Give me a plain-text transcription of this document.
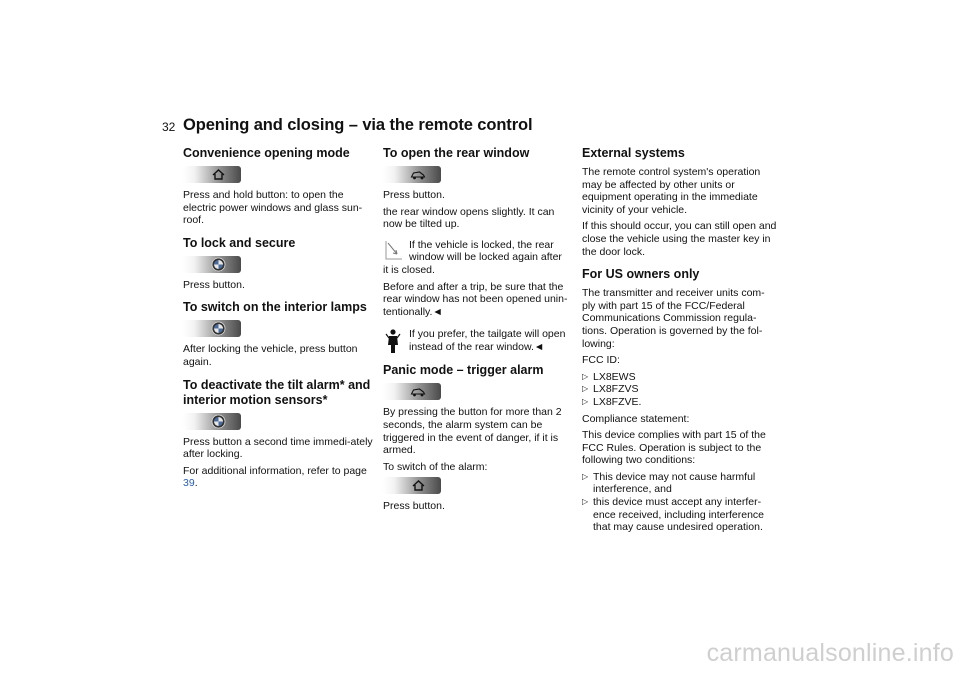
32 Opening and closing – via the remote control
Convenience opening mode

Press and hold button: to open the electric power windows and glass sun-roof.

To lock and secure

Press button.

To switch on the interior lamps

After locking the vehicle, press button again.

To deactivate the tilt alarm* and interior motion sensors*

Press button a second time immedi-ately after locking.

For additional information, refer to page 39.

To open the rear window

Press button.

the rear window opens slightly. It can now be tilted up.

If the vehicle is locked, the rear window will be locked again after

it is closed.

Before and after a trip, be sure that the rear window has not been opened unin-tentionally.◄

If you prefer, the tailgate will open instead of the rear window.◄

Panic mode – trigger alarm

By pressing the button for more than 2 seconds, the alarm system can be triggered in the event of danger, if it is armed.

To switch of the alarm:

Press button.

External systems

The remote control system's operation may be affected by other units or equipment operating in the immediate vicinity of your vehicle.

If this should occur, you can still open and close the vehicle using the master key in the door lock.

For US owners only

The transmitter and receiver units com-ply with part 15 of the FCC/Federal Communications Commission regula-tions. Operation is governed by the fol-lowing:

FCC ID:

▷ LX8EWS
▷ LX8FZVS
▷ LX8FZVE.

Compliance statement:

This device complies with part 15 of the FCC Rules. Operation is subject to the following two conditions:

▷ This device may not cause harmful interference, and
▷ this device must accept any interfer-ence received, including interference that may cause undesired operation.
carmanualsonline.info
